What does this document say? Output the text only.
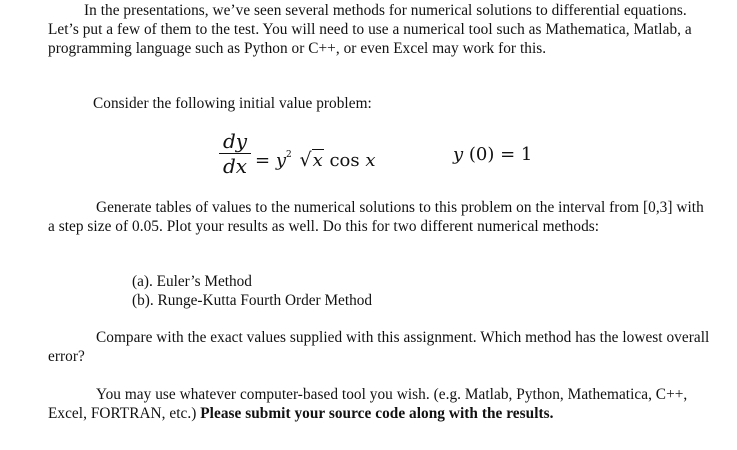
In the presentations, we’ve seen several methods for numerical solutions to differential equations. Let’s put a few of them to the test. You will need to use a numerical tool such as Mathematica, Matlab, a programming language such as Python or C++, or even Excel may work for this.

Consider the following initial value problem:

dy
dx = $y^2$ √x cos x	y (0) = 1

Generate tables of values to the numerical solutions to this problem on the interval from [0,3] with a step size of 0.05. Plot your results as well. Do this for two different numerical methods:

(a). Euler’s Method
(b). Runge-Kutta Fourth Order Method

Compare with the exact values supplied with this assignment. Which method has the lowest overall error?

You may use whatever computer-based tool you wish. (e.g. Matlab, Python, Mathematica, C++, Excel, FORTRAN, etc.) Please submit your source code along with the results.
